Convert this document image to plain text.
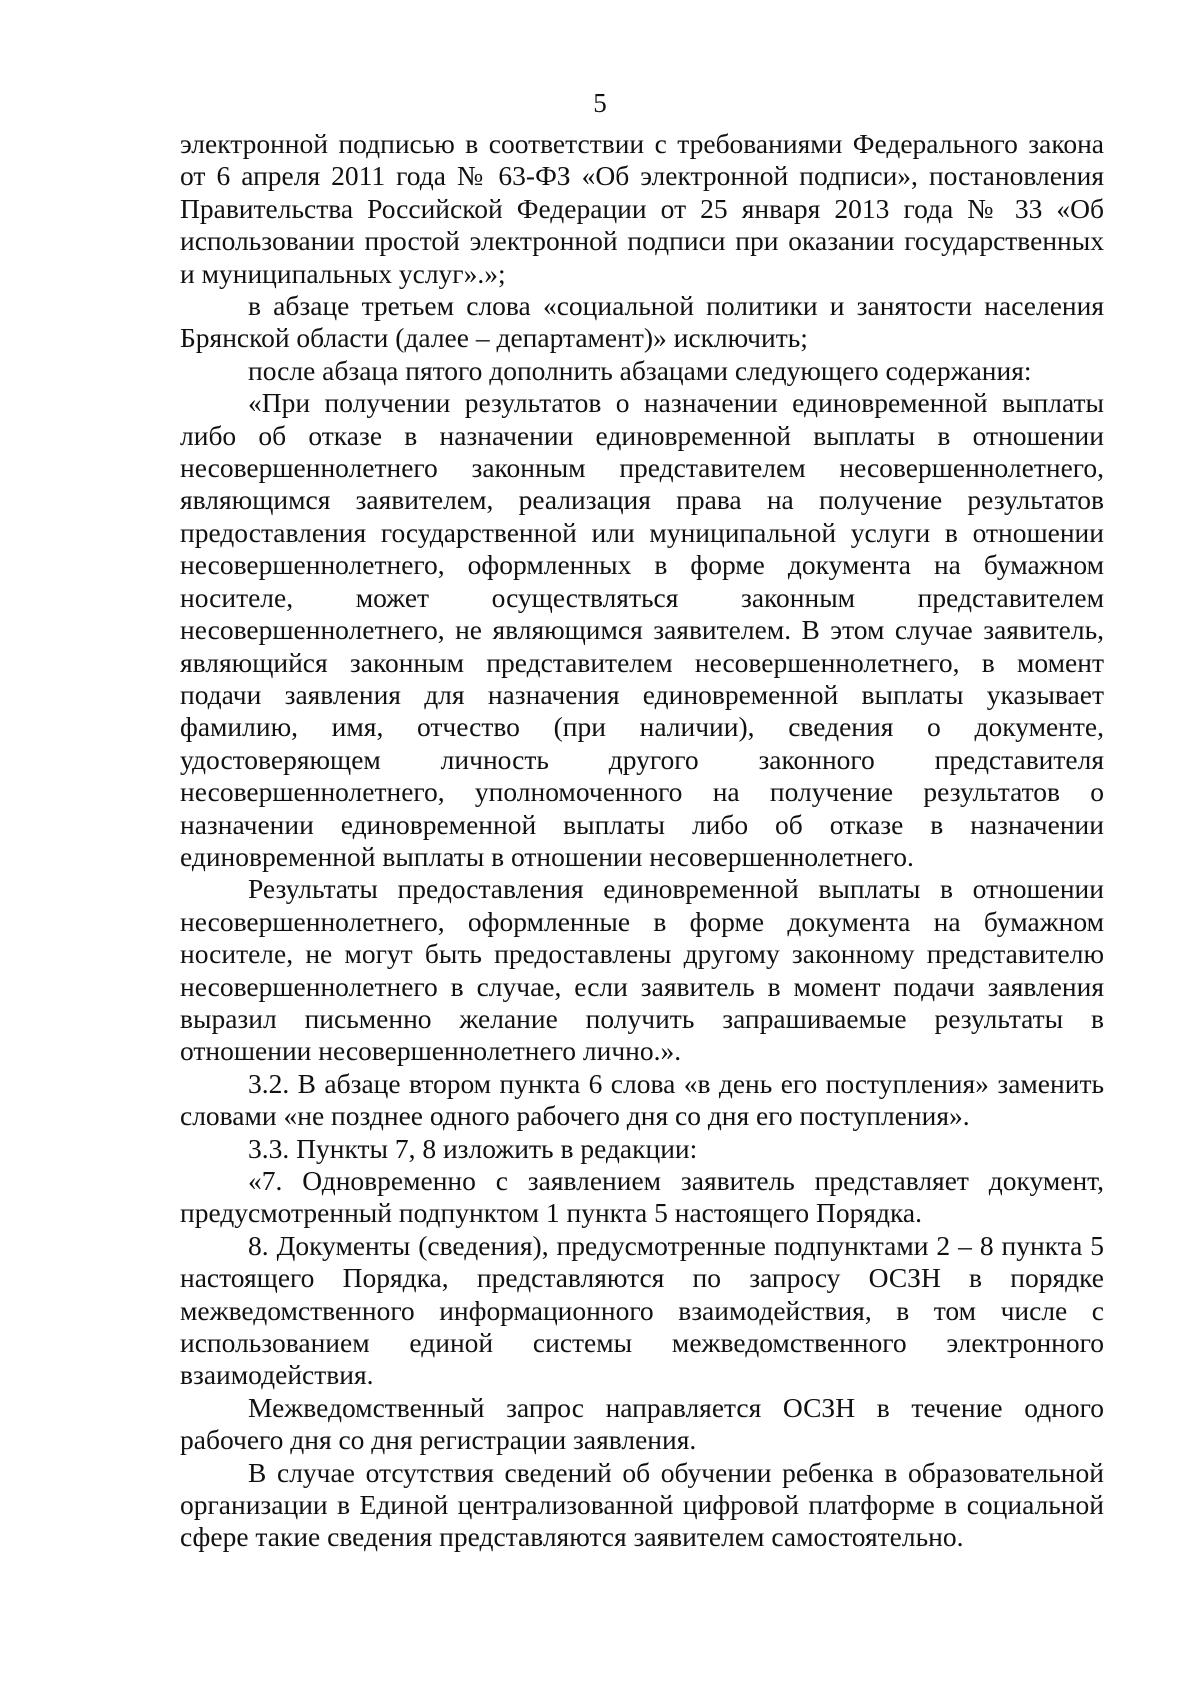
5

электронной подписью в соответствии с требованиями Федерального закона от 6 апреля 2011 года № 63-ФЗ «Об электронной подписи», постановления Правительства Российской Федерации от 25 января 2013 года № 33 «Об использовании простой электронной подписи при оказании государственных и муниципальных услуг».»;

в абзаце третьем слова «социальной политики и занятости населения Брянской области (далее – департамент)» исключить;

после абзаца пятого дополнить абзацами следующего содержания:

«При получении результатов о назначении единовременной выплаты либо об отказе в назначении единовременной выплаты в отношении несовершеннолетнего законным представителем несовершеннолетнего, являющимся заявителем, реализация права на получение результатов предоставления государственной или муниципальной услуги в отношении несовершеннолетнего, оформленных в форме документа на бумажном носителе, может осуществляться законным представителем несовершеннолетнего, не являющимся заявителем. В этом случае заявитель, являющийся законным представителем несовершеннолетнего, в момент подачи заявления для назначения единовременной выплаты указывает фамилию, имя, отчество (при наличии), сведения о документе, удостоверяющем личность другого законного представителя несовершеннолетнего, уполномоченного на получение результатов о назначении единовременной выплаты либо об отказе в назначении единовременной выплаты в отношении несовершеннолетнего.

Результаты предоставления единовременной выплаты в отношении несовершеннолетнего, оформленные в форме документа на бумажном носителе, не могут быть предоставлены другому законному представителю несовершеннолетнего в случае, если заявитель в момент подачи заявления выразил письменно желание получить запрашиваемые результаты в отношении несовершеннолетнего лично.».

3.2. В абзаце втором пункта 6 слова «в день его поступления» заменить словами «не позднее одного рабочего дня со дня его поступления».

3.3. Пункты 7, 8 изложить в редакции:

«7. Одновременно с заявлением заявитель представляет документ, предусмотренный подпунктом 1 пункта 5 настоящего Порядка.

8. Документы (сведения), предусмотренные подпунктами 2 – 8 пункта 5 настоящего Порядка, представляются по запросу ОСЗН в порядке межведомственного информационного взаимодействия, в том числе с использованием единой системы межведомственного электронного взаимодействия.

Межведомственный запрос направляется ОСЗН в течение одного рабочего дня со дня регистрации заявления.

В случае отсутствия сведений об обучении ребенка в образовательной организации в Единой централизованной цифровой платформе в социальной сфере такие сведения представляются заявителем самостоятельно.
